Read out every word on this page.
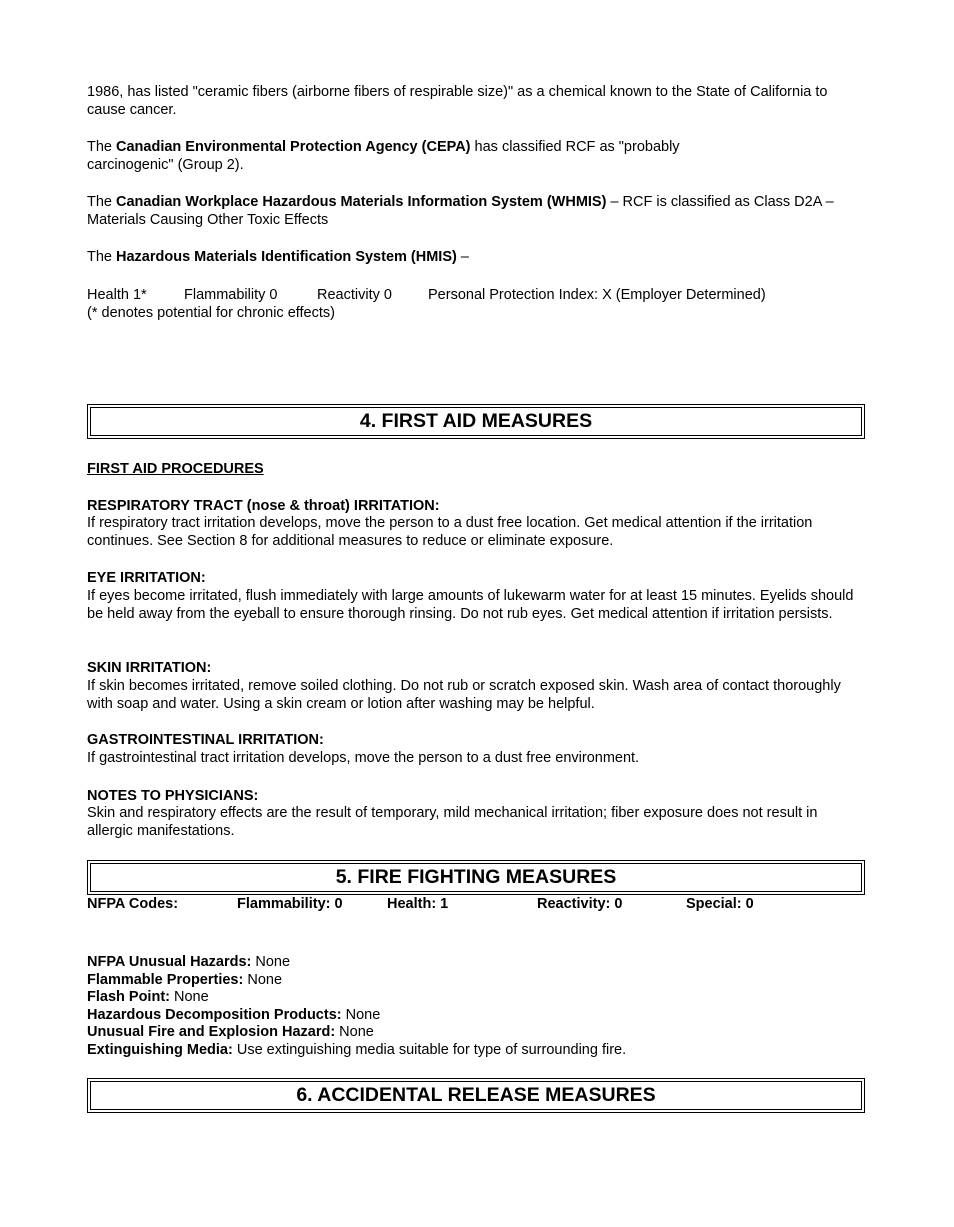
1986, has listed "ceramic fibers (airborne fibers of respirable size)" as a chemical known to the State of California to cause cancer.
The Canadian Environmental Protection Agency (CEPA) has classified RCF as "probably
carcinogenic" (Group 2).
The Canadian Workplace Hazardous Materials Information System (WHMIS) – RCF is classified as Class D2A – Materials Causing Other Toxic Effects
The Hazardous Materials Identification System (HMIS) –
Health 1*	Flammability 0	Reactivity 0 Personal Protection Index: X (Employer Determined)
(* denotes potential for chronic effects)
4. FIRST AID MEASURES
FIRST AID PROCEDURES
RESPIRATORY TRACT (nose & throat) IRRITATION:
If respiratory tract irritation develops, move the person to a dust free location. Get medical attention if the irritation continues. See Section 8 for additional measures to reduce or eliminate exposure.
EYE IRRITATION:
If eyes become irritated, flush immediately with large amounts of lukewarm water for at least 15 minutes. Eyelids should be held away from the eyeball to ensure thorough rinsing. Do not rub eyes. Get medical attention if irritation persists.
SKIN IRRITATION:
If skin becomes irritated, remove soiled clothing. Do not rub or scratch exposed skin. Wash area of contact thoroughly with soap and water. Using a skin cream or lotion after washing may be helpful.
GASTROINTESTINAL IRRITATION:
If gastrointestinal tract irritation develops, move the person to a dust free environment.
NOTES TO PHYSICIANS:
Skin and respiratory effects are the result of temporary, mild mechanical irritation; fiber exposure does not result in allergic manifestations.
5. FIRE FIGHTING MEASURES
NFPA Codes:	Flammability: 0	Health: 1	Reactivity: 0	Special: 0
NFPA Unusual Hazards: None
Flammable Properties: None
Flash Point: None
Hazardous Decomposition Products: None
Unusual Fire and Explosion Hazard: None
Extinguishing Media: Use extinguishing media suitable for type of surrounding fire.
6. ACCIDENTAL RELEASE MEASURES
